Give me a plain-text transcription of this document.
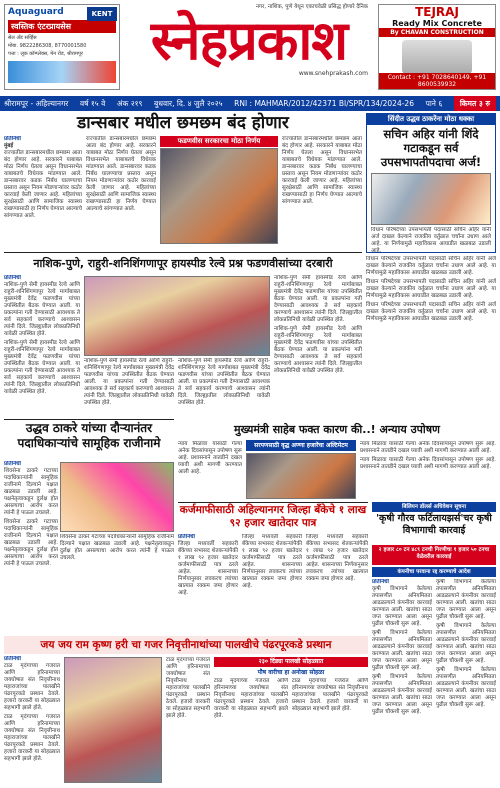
Aquaguard	KENT
स्वस्तिक एंटरप्रायसेस
सेल अँड सर्व्हिस
मोबा. 9822286308, 8770001580
पत्ता : लूक कॉम्प्लेक्स, मेन रोड, श्रीरामपूर
नगर, नाशिक, पुणे येथून एकाचवेळी प्रसिद्ध होणारे दैनिक
स्नेहप्रकाश
www.snehprakash.com
TEJRAJ
Ready Mix Concrete
By CHAVAN CONSTRUCTION
Contact : +91 7028640149, +91 8600539932
श्रीरामपूर - अहिल्यानगर वर्ष १५ वे अंक २१९ बुधवार, दि. ४ जुलै २०२५ RNI : MAHMAR/2012/42371 BI/SPR/134/2024-26 पाने ६	किमत ३ रु
डान्सबार मधील छमछम बंद होणार
प्रतिनिधी
मुंबई

राज्यातील डान्सबारमधील छमछम आता बंद होणार आहे. सरकारने याबाबत मोठा निर्णय घेतला असून विधानसभेत याबाबतचे विधेयक मांडण्यात आले. डान्सबारवर कडक निर्बंध घालण्याचा प्रस्ताव असून नियम मोडणाऱ्यांवर कठोर कारवाई केली जाणार आहे. महिलांच्या सुरक्षेसाठी आणि सामाजिक स्वास्थ्य राखण्यासाठी हा निर्णय घेण्यात आल्याचे सांगण्यात आले.

राज्यातील डान्सबारमधील छमछम आता बंद होणार आहे. सरकारने याबाबत मोठा निर्णय घेतला असून विधानसभेत याबाबतचे विधेयक मांडण्यात आले. डान्सबारवर कडक निर्बंध घालण्याचा प्रस्ताव असून नियम मोडणाऱ्यांवर कठोर कारवाई केली जाणार आहे. महिलांच्या सुरक्षेसाठी आणि सामाजिक स्वास्थ्य राखण्यासाठी हा निर्णय घेण्यात आल्याचे सांगण्यात आले.

फडणवीस सरकारचा मोठा निर्णय	राज्यातील डान्सबारमधील छमछम आता बंद होणार आहे. सरकारने याबाबत मोठा निर्णय घेतला असून विधानसभेत याबाबतचे विधेयक मांडण्यात आले. डान्सबारवर कडक निर्बंध घालण्याचा प्रस्ताव असून नियम मोडणाऱ्यांवर कठोर कारवाई केली जाणार आहे. महिलांच्या सुरक्षेसाठी आणि सामाजिक स्वास्थ्य राखण्यासाठी हा निर्णय घेण्यात आल्याचे सांगण्यात आले.

सिंदीत उद्धव ठाकरेंना मोठा धक्का
सचिन अहिर यांनी शिंदे गटाकडून सर्व उपसभापतीपदाचा अर्ज!
विधान परिषदेच्या उपसभापती पदासाठी सचिन अहिर यांनी अर्ज दाखल केल्याने राजकीय वर्तुळात चर्चांना उधाण आले आहे. या निर्णयामुळे महाविकास आघाडीत खळबळ उडाली आहे.
नाशिक-पुणे, राहुरी-शनिशिंगणापूर हायस्पीड रेल्वे प्रश्न फडणवीसांच्या दरबारी
प्रतिनिधी

नाशिक-पुणे सेमी हायस्पीड रेल्वे आणि राहुरी-शनिशिंगणापूर रेल्वे मार्गाबाबत मुख्यमंत्री देवेंद्र फडणवीस यांच्या उपस्थितीत बैठक घेण्यात आली. या प्रकल्पांना गती देण्यासाठी आवश्यक ते सर्व सहकार्य करण्याचे आश्वासन त्यांनी दिले. जिल्ह्यातील लोकप्रतिनिधी यावेळी उपस्थित होते.

नाशिक-पुणे सेमी हायस्पीड रेल्वे आणि राहुरी-शनिशिंगणापूर रेल्वे मार्गाबाबत मुख्यमंत्री देवेंद्र फडणवीस यांच्या उपस्थितीत बैठक घेण्यात आली. या प्रकल्पांना गती देण्यासाठी आवश्यक ते सर्व सहकार्य करण्याचे आश्वासन त्यांनी दिले. जिल्ह्यातील लोकप्रतिनिधी यावेळी उपस्थित होते.

नाशिक-पुणे सेमी हायस्पीड रेल्वे आणि राहुरी-शनिशिंगणापूर रेल्वे मार्गाबाबत मुख्यमंत्री देवेंद्र फडणवीस यांच्या उपस्थितीत बैठक घेण्यात आली. या प्रकल्पांना गती देण्यासाठी आवश्यक ते सर्व सहकार्य करण्याचे आश्वासन त्यांनी दिले. जिल्ह्यातील लोकप्रतिनिधी यावेळी उपस्थित होते.

नाशिक-पुणे सेमी हायस्पीड रेल्वे आणि राहुरी-शनिशिंगणापूर रेल्वे मार्गाबाबत मुख्यमंत्री देवेंद्र फडणवीस यांच्या उपस्थितीत बैठक घेण्यात आली. या प्रकल्पांना गती देण्यासाठी आवश्यक ते सर्व सहकार्य करण्याचे आश्वासन त्यांनी दिले. जिल्ह्यातील लोकप्रतिनिधी यावेळी उपस्थित होते.

नाशिक-पुणे सेमी हायस्पीड रेल्वे आणि राहुरी-शनिशिंगणापूर रेल्वे मार्गाबाबत मुख्यमंत्री देवेंद्र फडणवीस यांच्या उपस्थितीत बैठक घेण्यात आली. या प्रकल्पांना गती देण्यासाठी आवश्यक ते सर्व सहकार्य करण्याचे आश्वासन त्यांनी दिले. जिल्ह्यातील लोकप्रतिनिधी यावेळी उपस्थित होते.

नाशिक-पुणे सेमी हायस्पीड रेल्वे आणि राहुरी-शनिशिंगणापूर रेल्वे मार्गाबाबत मुख्यमंत्री देवेंद्र फडणवीस यांच्या उपस्थितीत बैठक घेण्यात आली. या प्रकल्पांना गती देण्यासाठी आवश्यक ते सर्व सहकार्य करण्याचे आश्वासन त्यांनी दिले. जिल्ह्यातील लोकप्रतिनिधी यावेळी उपस्थित होते.

विधान परिषदेच्या उपसभापती पदासाठी सचिन अहिर यांनी अर्ज दाखल केल्याने राजकीय वर्तुळात चर्चांना उधाण आले आहे. या निर्णयामुळे महाविकास आघाडीत खळबळ उडाली आहे.

विधान परिषदेच्या उपसभापती पदासाठी सचिन अहिर यांनी अर्ज दाखल केल्याने राजकीय वर्तुळात चर्चांना उधाण आले आहे. या निर्णयामुळे महाविकास आघाडीत खळबळ उडाली आहे.

विधान परिषदेच्या उपसभापती पदासाठी सचिन अहिर यांनी अर्ज दाखल केल्याने राजकीय वर्तुळात चर्चांना उधाण आले आहे. या निर्णयामुळे महाविकास आघाडीत खळबळ उडाली आहे.

उद्धव ठाकरे यांच्या दौऱ्यानंतर पदाधिकाऱ्यांचे सामूहिक राजीनामे
प्रतिनिधी

शिवसेना ठाकरे गटाच्या पदाधिकाऱ्यांनी सामूहिक राजीनामे दिल्याने पक्षात खळबळ उडाली आहे. पक्षनेतृत्वाकडून दुर्लक्ष होत असल्याचा आरोप करत त्यांनी हे पाऊल उचलले.

शिवसेना ठाकरे गटाच्या पदाधिकाऱ्यांनी सामूहिक राजीनामे दिल्याने पक्षात खळबळ उडाली आहे. पक्षनेतृत्वाकडून दुर्लक्ष होत असल्याचा आरोप करत त्यांनी हे पाऊल उचलले.

शिवसेना ठाकरे गटाच्या पदाधिकाऱ्यांनी सामूहिक राजीनामे दिल्याने पक्षात खळबळ उडाली आहे. पक्षनेतृत्वाकडून दुर्लक्ष होत असल्याचा आरोप करत त्यांनी हे पाऊल उचलले.

मुख्यमंत्री साहेब फक्त कारण की..! अन्याय उपोषण
सरपणसाठी वृद्ध अण्णा हजारेंचा अल्टिमेटम

न्याय मिळावा यासाठी गेल्या अनेक दिवसांपासून उपोषण सुरू आहे. प्रशासनाने तातडीने दखल घ्यावी अशी मागणी करण्यात आली आहे.

न्याय मिळावा यासाठी गेल्या अनेक दिवसांपासून उपोषण सुरू आहे. प्रशासनाने तातडीने दखल घ्यावी अशी मागणी करण्यात आली आहे.

न्याय मिळावा यासाठी गेल्या अनेक दिवसांपासून उपोषण सुरू आहे. प्रशासनाने तातडीने दखल घ्यावी अशी मागणी करण्यात आली आहे.

कर्जमाफीसाठी अहिल्यानगर जिल्हा बँकेचे १ लाख ९२ हजार खातेदार पात्र
प्रतिनिधी

जिल्हा मध्यवर्ती सहकारी बँकेच्या सभासद शेतकऱ्यांपैकी १ लाख ९२ हजार खातेदार कर्जमाफीसाठी पात्र ठरले आहेत. शासनाच्या निर्णयानुसार लवकरच त्यांच्या खात्यात रक्कम जमा होणार आहे.

जिल्हा मध्यवर्ती सहकारी बँकेच्या सभासद शेतकऱ्यांपैकी १ लाख ९२ हजार खातेदार कर्जमाफीसाठी पात्र ठरले आहेत. शासनाच्या निर्णयानुसार लवकरच त्यांच्या खात्यात रक्कम जमा होणार आहे.

जिल्हा मध्यवर्ती सहकारी बँकेच्या सभासद शेतकऱ्यांपैकी १ लाख ९२ हजार खातेदार कर्जमाफीसाठी पात्र ठरले आहेत. शासनाच्या निर्णयानुसार लवकरच त्यांच्या खात्यात रक्कम जमा होणार आहे.

बिलियन डॉलर्स अधिवेशन सूचना
'कृषी गौरव फर्टिलायझर्स'चर कृषी विभागाची कारवाई
२ हजार ८० टन ४८९ टनची गिरणीचा १ हजार ५० टनचा वेळेवरील कारवाई
कंपनीचा परवाना रद्द करण्याचे आदेश
प्रतिनिधी

कृषी विभागाने केलेल्या तपासणीत अनियमितता आढळल्याने कंपनीवर कारवाई करण्यात आली. खतांचा साठा जप्त करण्यात आला असून पुढील चौकशी सुरू आहे.

कृषी विभागाने केलेल्या तपासणीत अनियमितता आढळल्याने कंपनीवर कारवाई करण्यात आली. खतांचा साठा जप्त करण्यात आला असून पुढील चौकशी सुरू आहे.

कृषी विभागाने केलेल्या तपासणीत अनियमितता आढळल्याने कंपनीवर कारवाई करण्यात आली. खतांचा साठा जप्त करण्यात आला असून पुढील चौकशी सुरू आहे.

कृषी विभागाने केलेल्या तपासणीत अनियमितता आढळल्याने कंपनीवर कारवाई करण्यात आली. खतांचा साठा जप्त करण्यात आला असून पुढील चौकशी सुरू आहे.

कृषी विभागाने केलेल्या तपासणीत अनियमितता आढळल्याने कंपनीवर कारवाई करण्यात आली. खतांचा साठा जप्त करण्यात आला असून पुढील चौकशी सुरू आहे.

कृषी विभागाने केलेल्या तपासणीत अनियमितता आढळल्याने कंपनीवर कारवाई करण्यात आली. खतांचा साठा जप्त करण्यात आला असून पुढील चौकशी सुरू आहे.

जय जय राम कृष्ण हरी चा गजर निवृत्तीनाथांच्या पालखीचे पंढरपूरकडे प्रस्थान
प्रतिनिधी

टाळ मृदंगाच्या गजरात आणि हरिनामाच्या जयघोषात संत निवृत्तीनाथ महाराजांच्या पालखीने पंढरपूरकडे प्रस्थान ठेवले. हजारो वारकरी या सोहळ्यात सहभागी झाले होते.

टाळ मृदंगाच्या गजरात आणि हरिनामाच्या जयघोषात संत निवृत्तीनाथ महाराजांच्या पालखीने पंढरपूरकडे प्रस्थान ठेवले. हजारो वारकरी या सोहळ्यात सहभागी झाले होते.

टाळ मृदंगाच्या गजरात आणि हरिनामाच्या जयघोषात संत निवृत्तीनाथ महाराजांच्या पालखीने पंढरपूरकडे प्रस्थान ठेवले. हजारो वारकरी या सोहळ्यात सहभागी झाले होते.

२३० दिंड्या पालखी सोहळ्यात
पौष वारीचा हा अनोखा सोहळा

टाळ मृदंगाच्या गजरात आणि हरिनामाच्या जयघोषात संत निवृत्तीनाथ महाराजांच्या पालखीने पंढरपूरकडे प्रस्थान ठेवले. हजारो वारकरी या सोहळ्यात सहभागी झाले होते.

टाळ मृदंगाच्या गजरात आणि हरिनामाच्या जयघोषात संत निवृत्तीनाथ महाराजांच्या पालखीने पंढरपूरकडे प्रस्थान ठेवले. हजारो वारकरी या सोहळ्यात सहभागी झाले होते.
